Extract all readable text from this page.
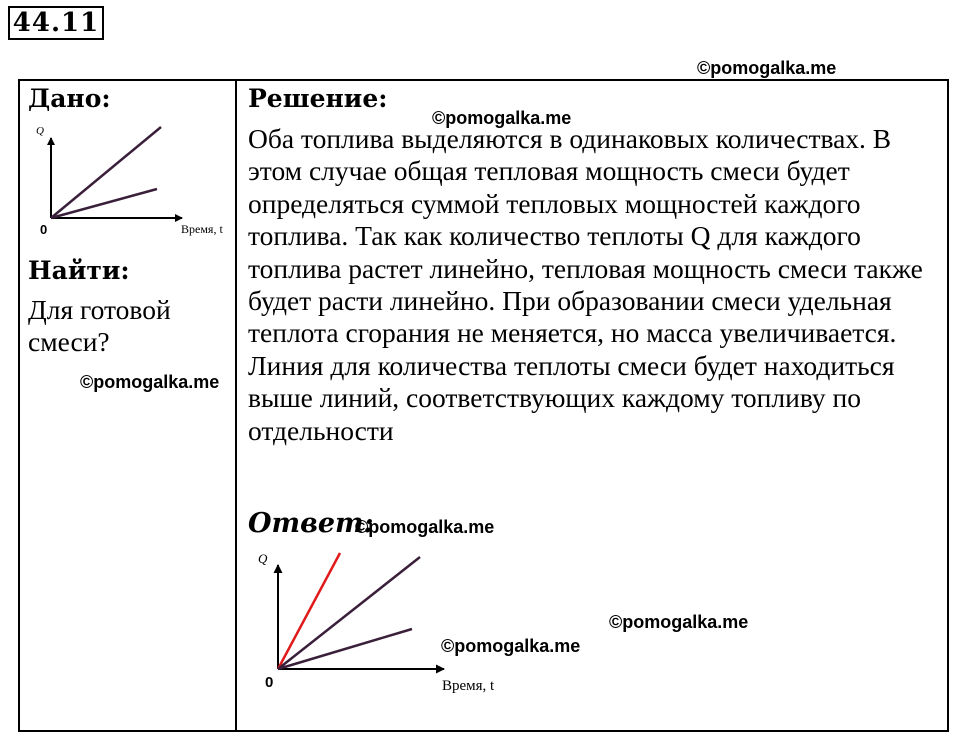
44.11
©pomogalka.me
Дано:
Q
Время, t
0
Найти:
Для готовой смеси?
©pomogalka.me
Решение:
©pomogalka.me
Оба топлива выделяются в одинаковых количествах. В этом случае общая тепловая мощность смеси будет определяться суммой тепловых мощностей каждого топлива. Так как количество теплоты Q для каждого топлива растет линейно, тепловая мощность смеси также будет расти линейно. При образовании смеси удельная теплота сгорания не меняется, но масса увеличивается. Линия для количества теплоты смеси будет находиться выше линий, соответствующих каждому топливу по отдельности
Ответ:
©pomogalka.me
Q
Время, t
0
©pomogalka.me
©pomogalka.me
